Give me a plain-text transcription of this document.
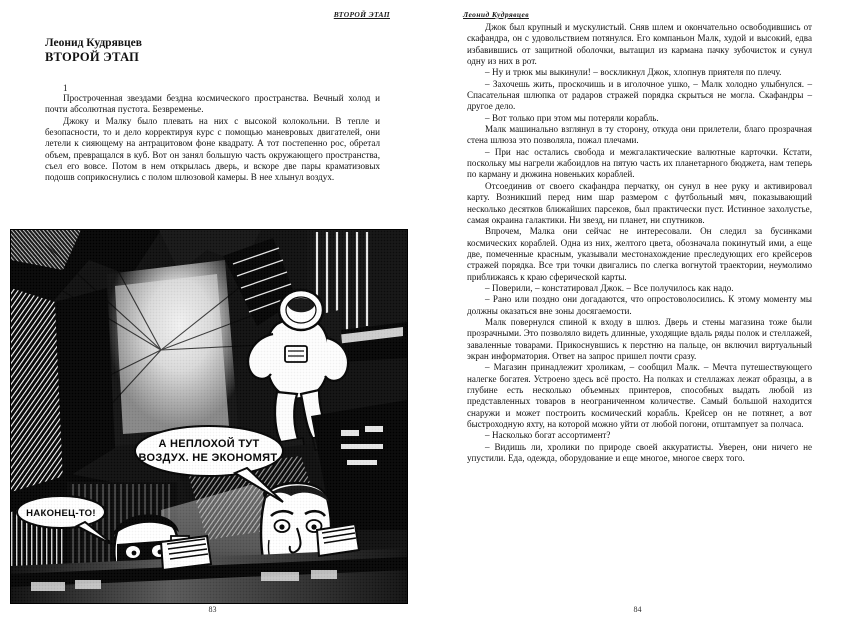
ВТОРОЙ ЭТАП
Леонид Кудрявцев
ВТОРОЙ ЭТАП
1

Простроченная звездами бездна космического пространства. Вечный холод и почти абсолютная пустота. Безвременье.

Джоку и Малку было плевать на них с высокой колокольни. В тепле и безопасности, то и дело корректируя курс с помощью маневровых двигателей, они летели к сияющему на антрацитовом фоне квадрату. А тот постепенно рос, обретал объем, превращался в куб. Вот он занял большую часть окружающего пространства, съел его вовсе. Потом в нем открылась дверь, и вскоре две пары краматизовых подошв соприкоснулись с полом шлюзовой камеры. В нее хлынул воздух.

А НЕПЛОХОЙ ТУТ
ВОЗДУХ. НЕ ЭКОНОМЯТ.
НАКОНЕЦ-ТО!
Леонид Кудрявцев

Джок был крупный и мускулистый. Сняв шлем и окончательно освободившись от скафандра, он с удовольствием потянулся. Его компаньон Малк, худой и высокий, едва избавившись от защитной оболочки, вытащил из кармана пачку зубочисток и сунул одну из них в рот.

– Ну и трюк мы выкинули! – воскликнул Джок, хлопнув приятеля по плечу.

– Захочешь жить, проскочишь и в иголочное ушко, – Малк холодно улыбнулся. – Спасательная шлюпка от радаров стражей порядка скрыться не могла. Скафандры – другое дело.

– Вот только при этом мы потеряли корабль.

Малк машинально взглянул в ту сторону, откуда они прилетели, благо прозрачная стена шлюза это позволяла, пожал плечами.

– При нас остались свобода и межгалактические валютные карточки. Кстати, поскольку мы нагрели жабоидлов на пятую часть их планетарного бюджета, нам теперь по карману и дюжина новеньких кораблей.

Отсоединив от своего скафандра перчатку, он сунул в нее руку и активировал карту. Возникший перед ним шар размером с футбольный мяч, показывающий несколько десятков ближайших парсеков, был практически пуст. Истинное захолустье, самая окраина галактики. Ни звезд, ни планет, ни спутников.

Впрочем, Малка они сейчас не интересовали. Он следил за бусинками космических кораблей. Одна из них, желтого цвета, обозначала покинутый ими, а еще две, помеченные красным, указывали местонахождение преследующих его крейсеров стражей порядка. Все три точки двигались по слегка вогнутой траектории, неумолимо приближаясь к краю сферической карты.

– Поверили, – констатировал Джок. – Все получилось как надо.

– Рано или поздно они догадаются, что опростоволосились. К этому моменту мы должны оказаться вне зоны досягаемости.

Малк повернулся спиной к входу в шлюз. Дверь и стены магазина тоже были прозрачными. Это позволяло видеть длинные, уходящие вдаль ряды полок и стеллажей, заваленные товарами. Прикоснувшись к перстню на пальце, он включил виртуальный экран информатория. Ответ на запрос пришел почти сразу.

– Магазин принадлежит хроликам, – сообщил Малк. – Мечта путешествующего налегке богатея. Устроено здесь всё просто. На полках и стеллажах лежат образцы, а в глубине есть несколько объемных принтеров, способных выдать любой из представленных товаров в неограниченном количестве. Самый большой находится снаружи и может построить космический корабль. Крейсер он не потянет, а вот быстроходную яхту, на которой можно уйти от любой погони, отштампует за полчаса.

– Насколько богат ассортимент?

– Видишь ли, хролики по природе своей аккуратисты. Уверен, они ничего не упустили. Еда, одежда, оборудование и еще многое, многое сверх того.

83	84
